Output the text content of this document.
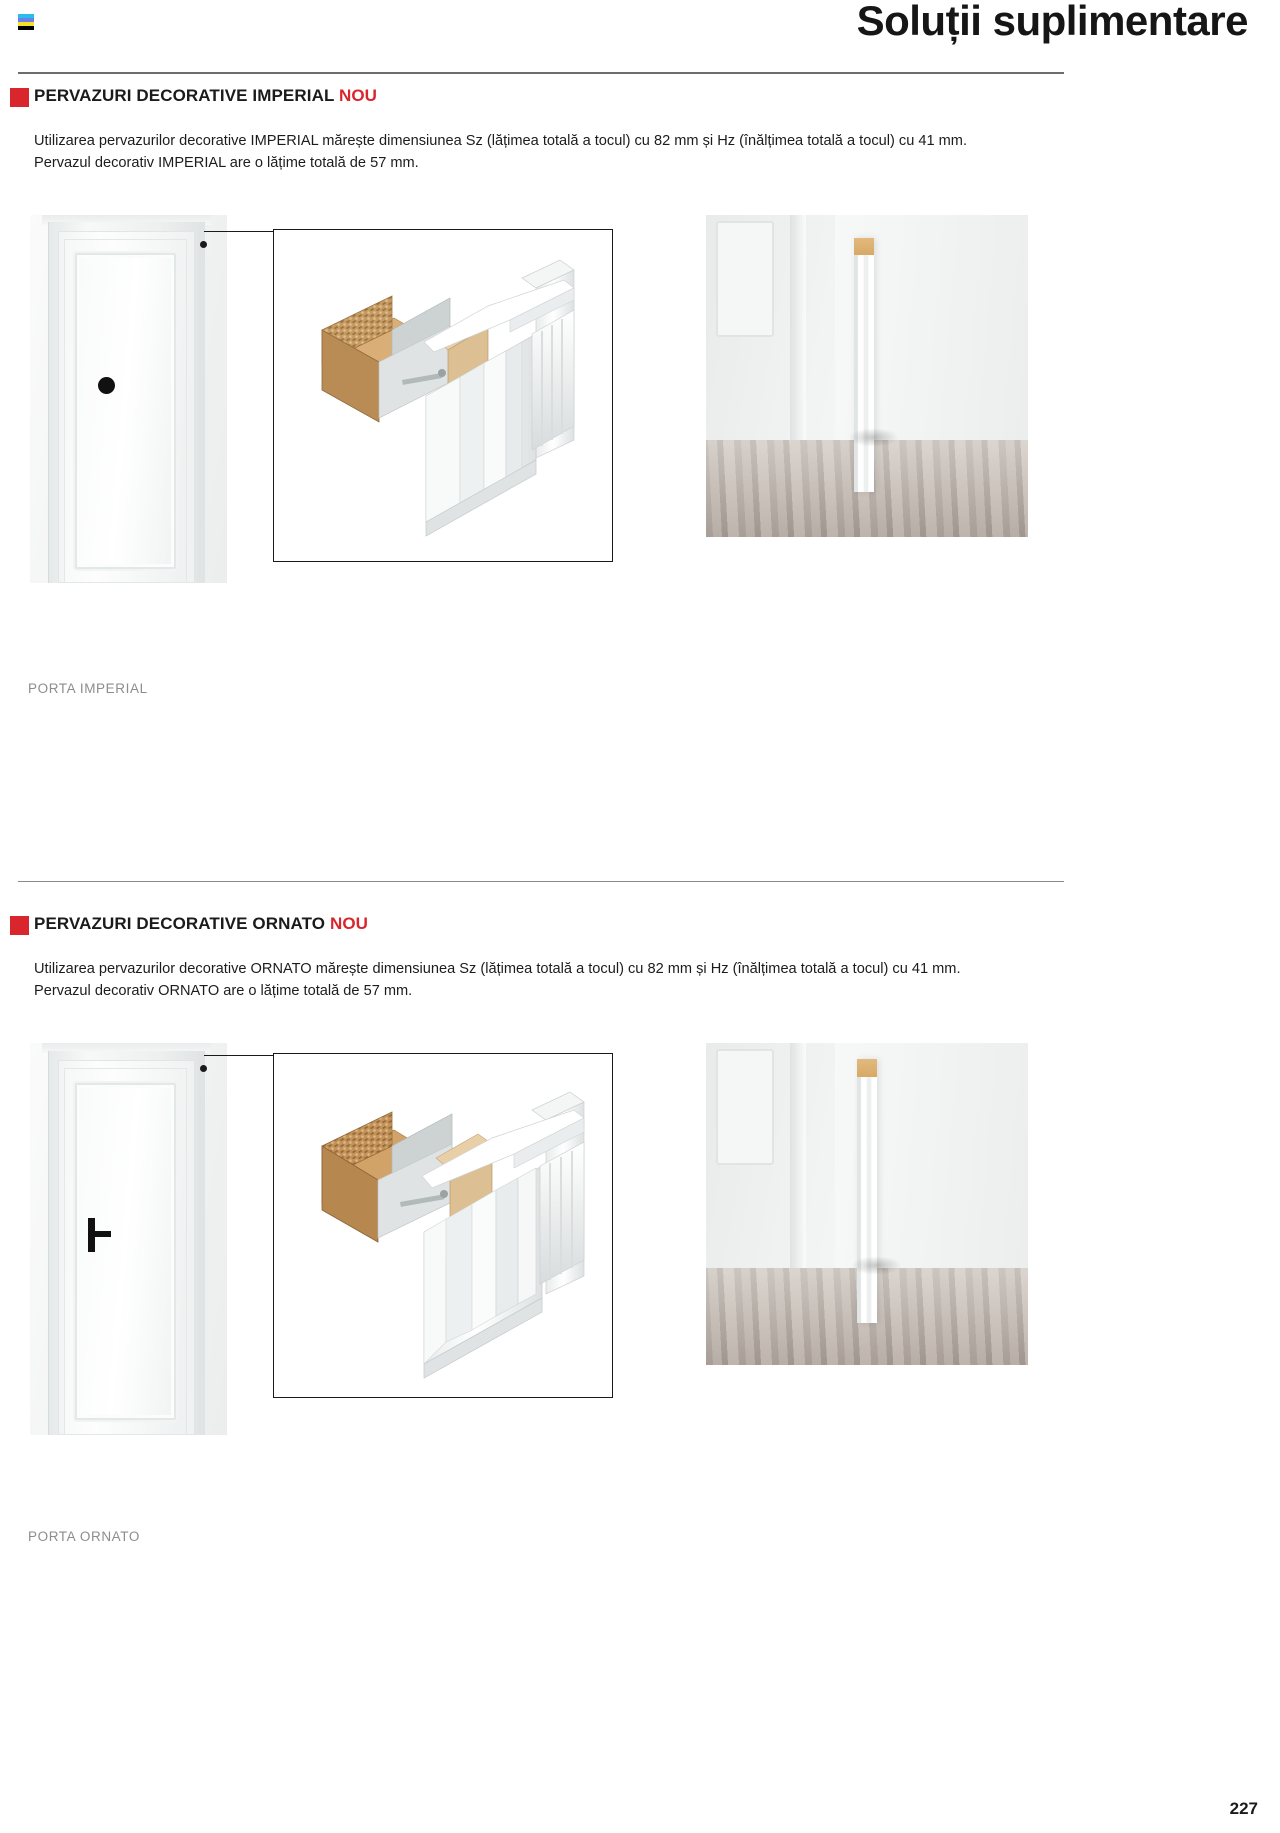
Soluții suplimentare
PERVAZURI DECORATIVE IMPERIAL NOU
Utilizarea pervazurilor decorative IMPERIAL mărește dimensiunea Sz (lățimea totală a tocul) cu 82 mm și Hz (înălțimea totală a tocul) cu 41 mm.
Pervazul decorativ IMPERIAL are o lățime totală de 57 mm.
PORTA IMPERIAL
PERVAZURI DECORATIVE ORNATO NOU
Utilizarea pervazurilor decorative ORNATO mărește dimensiunea Sz (lățimea totală a tocul) cu 82 mm și Hz (înălțimea totală a tocul) cu 41 mm.
Pervazul decorativ ORNATO are o lățime totală de 57 mm.
PORTA ORNATO
227
